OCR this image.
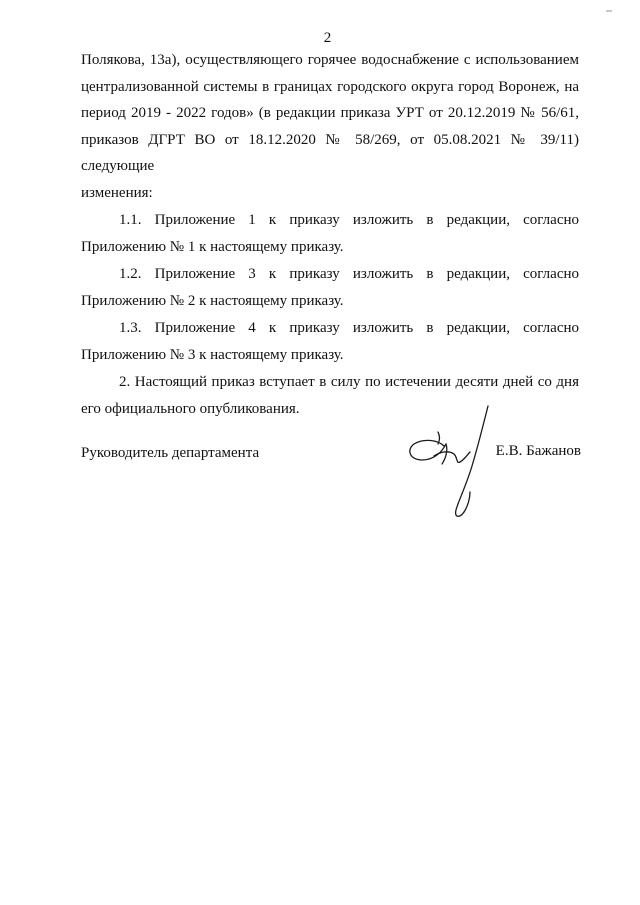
2

Полякова, 13а), осуществляющего горячее водоснабжение с использованием
централизованной системы в границах городского округа город Воронеж, на
период 2019 - 2022 годов» (в редакции приказа УРТ от 20.12.2019 № 56/61,
приказов ДГРТ ВО от 18.12.2020 № 58/269, от 05.08.2021 № 39/11) следующие
изменения:

1.1. Приложение 1 к приказу изложить в редакции, согласно
Приложению № 1 к настоящему приказу.

1.2. Приложение 3 к приказу изложить в редакции, согласно
Приложению № 2 к настоящему приказу.

1.3. Приложение 4 к приказу изложить в редакции, согласно
Приложению № 3 к настоящему приказу.

2. Настоящий приказ вступает в силу по истечении десяти дней со дня
его официального опубликования.

Руководитель департамента	Е.В. Бажанов
